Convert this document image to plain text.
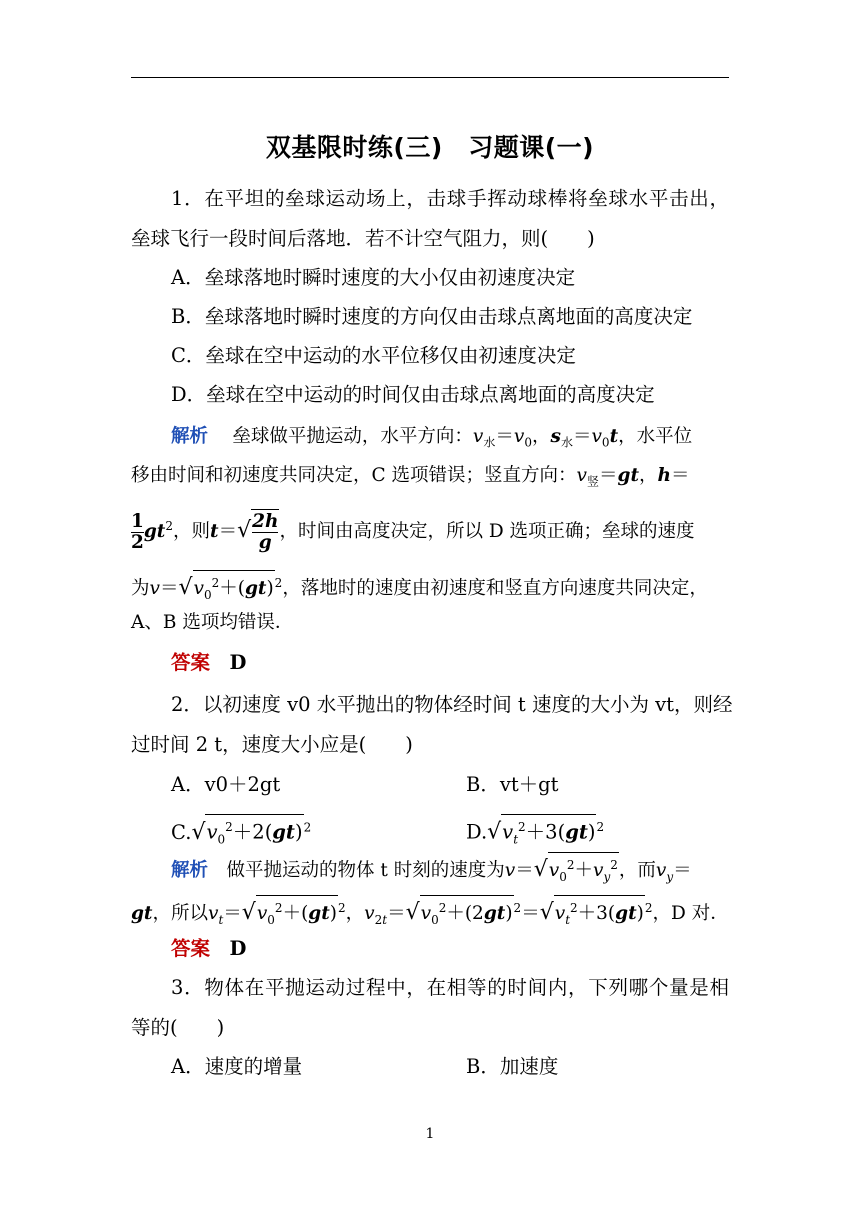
双基限时练(三)　习题课(一)
1．在平坦的垒球运动场上，击球手挥动球棒将垒球水平击出，
垒球飞行一段时间后落地．若不计空气阻力，则(　　)
A．垒球落地时瞬时速度的大小仅由初速度决定
B．垒球落地时瞬时速度的方向仅由击球点离地面的高度决定
C．垒球在空中运动的水平位移仅由初速度决定
D．垒球在空中运动的时间仅由击球点离地面的高度决定
解析　 垒球做平抛运动，水平方向：$v_水=v_0$，$s_水=v_0t$，水平位
移由时间和初速度共同决定，C 选项错误；竖直方向：$v_竖=gt$，h＝
$\frac{1}{2} gt^2$，则$t=√ \frac{2h}{g}$ ，时间由高度决定，所以 D 选项正确；垒球的速度
为$v=√v_0^2+(gt)^2$，落地时的速度由初速度和竖直方向速度共同决定，
A、B 选项均错误．
答案　 D
2．以初速度 v0 水平抛出的物体经时间 t 速度的大小为 vt，则经
过时间 2 t，速度大小应是(　　)
A．v0＋2gt	B．vt＋gt
$C.√v_0^2+2(gt)^2$	$D.√v_t^2+3(gt)^2$
解析　 做平抛运动的物体 t 时刻的速度为$v=√v_0^2+v_y^2$，而$v_y=$
gt，所以$v_t=√v_0^2+(gt)^2$，$v_{2t}=√v_0^2+(2gt)^2=√v_t^2+3(gt)^2$，D 对．
答案　 D
3．物体在平抛运动过程中，在相等的时间内，下列哪个量是相
等的(　　)
A．速度的增量	B．加速度
1
